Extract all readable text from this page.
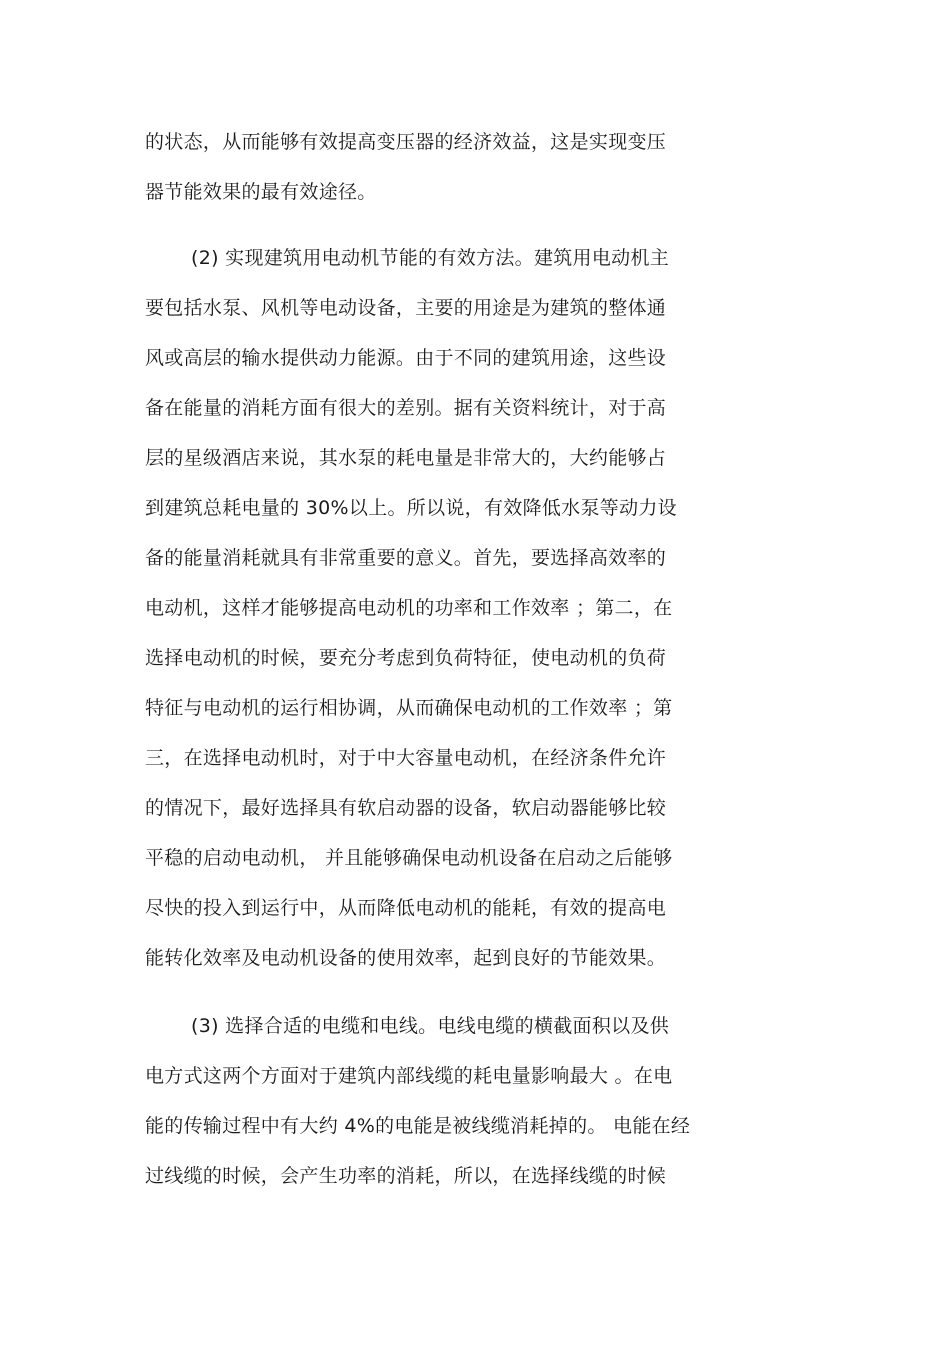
的状态，从而能够有效提高变压器的经济效益，这是实现变压
器节能效果的最有效途径。
(2) 实现建筑用电动机节能的有效方法。建筑用电动机主
要包括水泵、风机等电动设备，主要的用途是为建筑的整体通
风或高层的输水提供动力能源。由于不同的建筑用途，这些设
备在能量的消耗方面有很大的差别。据有关资料统计，对于高
层的星级酒店来说，其水泵的耗电量是非常大的，大约能够占
到建筑总耗电量的 30%以上。所以说，有效降低水泵等动力设
备的能量消耗就具有非常重要的意义。首先，要选择高效率的
电动机，这样才能够提高电动机的功率和工作效率 ；第二，在
选择电动机的时候，要充分考虑到负荷特征，使电动机的负荷
特征与电动机的运行相协调，从而确保电动机的工作效率 ；第
三，在选择电动机时，对于中大容量电动机，在经济条件允许
的情况下，最好选择具有软启动器的设备，软启动器能够比较
平稳的启动电动机， 并且能够确保电动机设备在启动之后能够
尽快的投入到运行中，从而降低电动机的能耗，有效的提高电
能转化效率及电动机设备的使用效率，起到良好的节能效果。
(3) 选择合适的电缆和电线。电线电缆的横截面积以及供
电方式这两个方面对于建筑内部线缆的耗电量影响最大 。在电
能的传输过程中有大约 4%的电能是被线缆消耗掉的。 电能在经
过线缆的时候，会产生功率的消耗，所以，在选择线缆的时候
